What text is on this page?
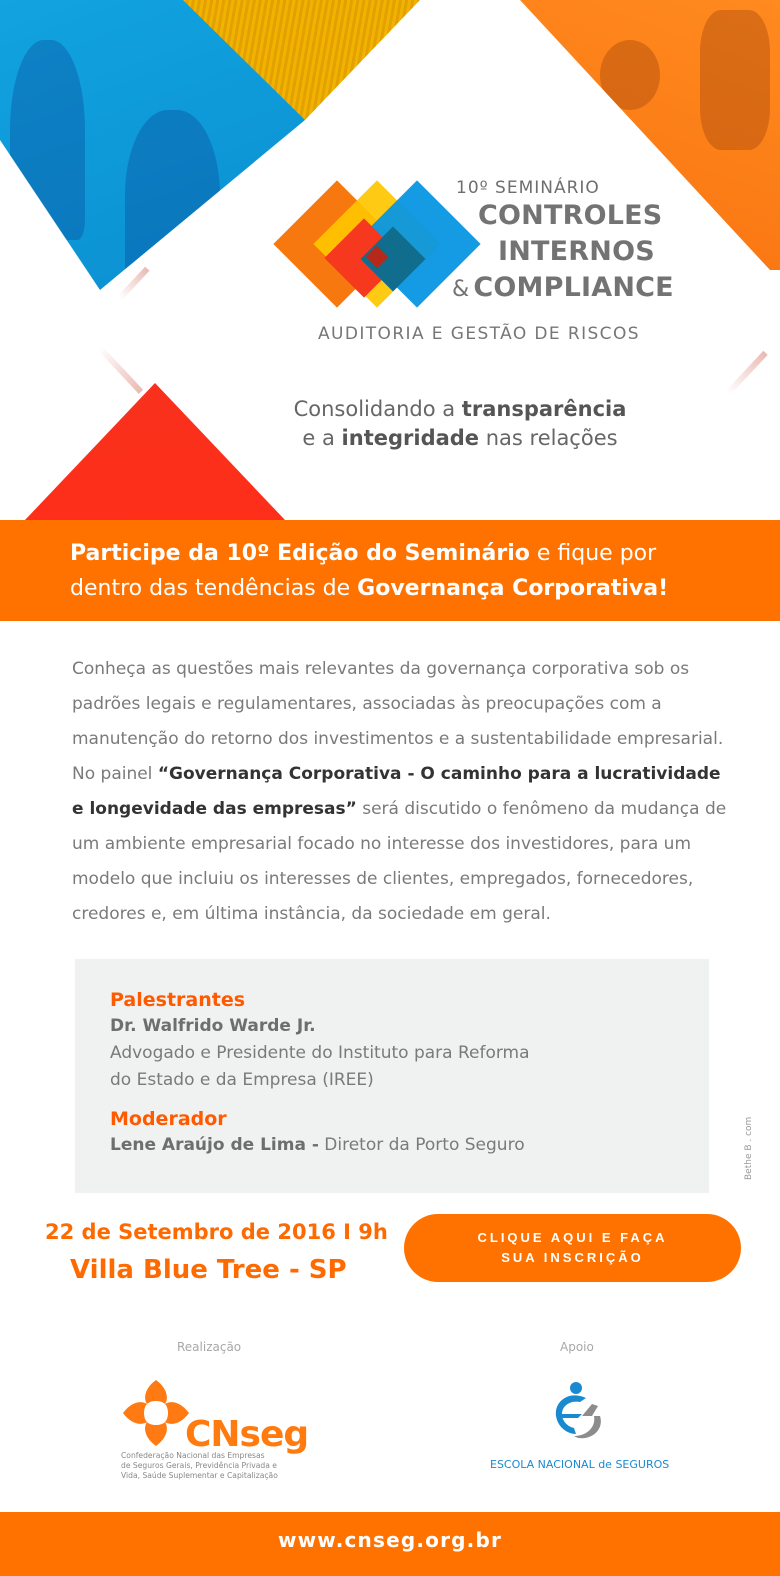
10º SEMINÁRIO
CONTROLES
INTERNOS
& COMPLIANCE
AUDITORIA E GESTÃO DE RISCOS
Consolidando a transparência
e a integridade nas relações
Participe da 10º Edição do Seminário e fique por
dentro das tendências de Governança Corporativa!
Conheça as questões mais relevantes da governança corporativa sob os padrões legais e regulamentares, associadas às preocupações com a manutenção do retorno dos investimentos e a sustentabilidade empresarial. No painel “Governança Corporativa - O caminho para a lucratividade e longevidade das empresas” será discutido o fenômeno da mudança de um ambiente empresarial focado no interesse dos investidores, para um modelo que incluiu os interesses de clientes, empregados, fornecedores, credores e, em última instância, da sociedade em geral.
Palestrantes
Dr. Walfrido Warde Jr.
Advogado e Presidente do Instituto para Reforma
do Estado e da Empresa (IREE)
Moderador
Lene Araújo de Lima - Diretor da Porto Seguro	Bethe B . com
22 de Setembro de 2016 I 9h
Villa Blue Tree - SP
CLIQUE AQUI E FAÇA
SUA INSCRIÇÃO
Realização	Apoio
CNseg
Confederação Nacional das Empresas
de Seguros Gerais, Previdência Privada e
Vida, Saúde Suplementar e Capitalização
ESCOLA NACIONAL de SEGUROS
www.cnseg.org.br
